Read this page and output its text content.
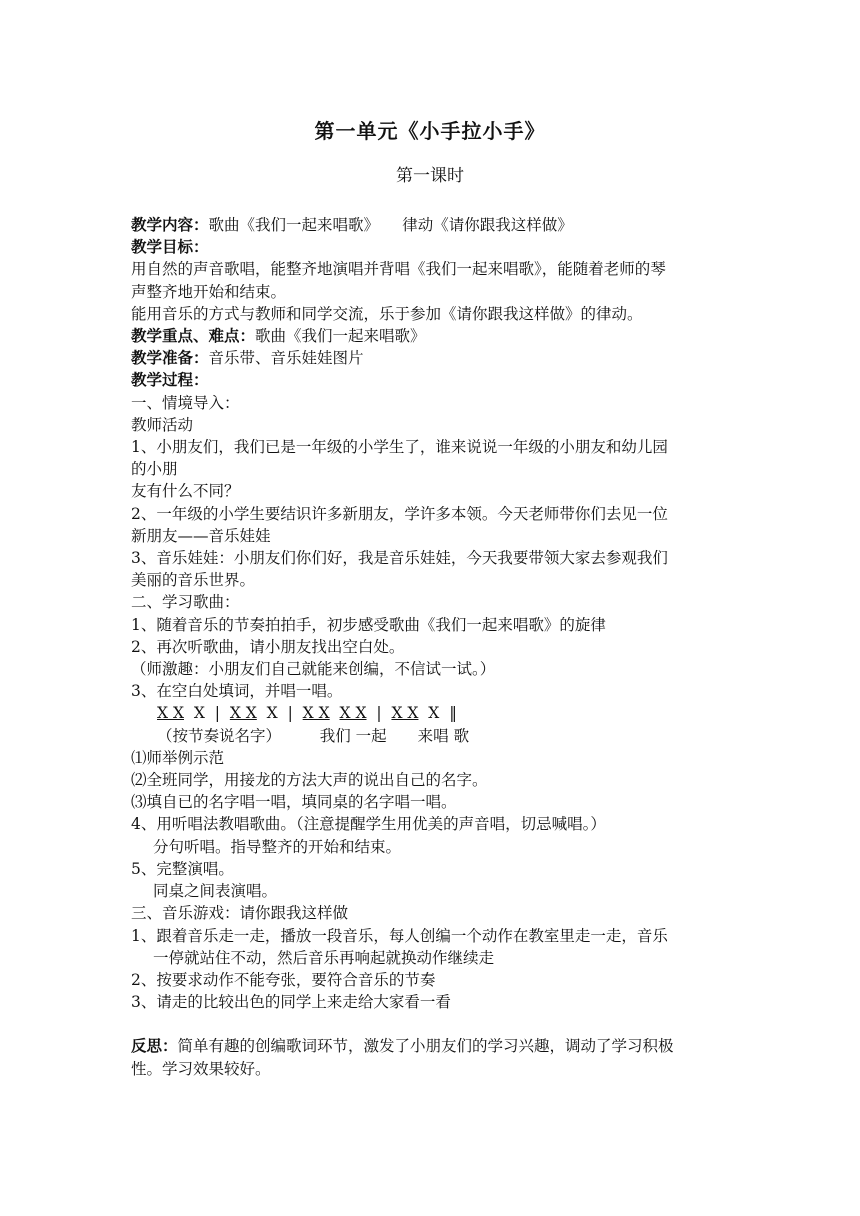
第一单元《小手拉小手》
第一课时
教学内容：歌曲《我们一起来唱歌》　　律动《请你跟我这样做》
教学目标：
用自然的声音歌唱，能整齐地演唱并背唱《我们一起来唱歌》，能随着老师的琴
声整齐地开始和结束。
能用音乐的方式与教师和同学交流，乐于参加《请你跟我这样做》的律动。
教学重点、难点：歌曲《我们一起来唱歌》
教学准备：音乐带、音乐娃娃图片
教学过程：
一、情境导入：
教师活动
1、小朋友们，我们已是一年级的小学生了，谁来说说一年级的小朋友和幼儿园
的小朋
友有什么不同？
2、一年级的小学生要结识许多新朋友，学许多本领。今天老师带你们去见一位
新朋友——音乐娃娃
3、音乐娃娃：小朋友们你们好，我是音乐娃娃，今天我要带领大家去参观我们
美丽的音乐世界。
二、学习歌曲：
1、随着音乐的节奏拍拍手，初步感受歌曲《我们一起来唱歌》的旋律
2、再次听歌曲，请小朋友找出空白处。
（师激趣：小朋友们自己就能来创编，不信试一试。）
3、在空白处填词，并唱一唱。
X X  X  |  X X  X  |  X X X X  |  X X  X  ‖
（按节奏说名字）　　　我们 一起　　来唱 歌
⑴师举例示范
⑵全班同学，用接龙的方法大声的说出自己的名字。
⑶填自已的名字唱一唱，填同桌的名字唱一唱。
4、用听唱法教唱歌曲。（注意提醒学生用优美的声音唱，切忌喊唱。）
分句听唱。指导整齐的开始和结束。
5、完整演唱。
同桌之间表演唱。
三、音乐游戏：请你跟我这样做
1、跟着音乐走一走，播放一段音乐，每人创编一个动作在教室里走一走，音乐
一停就站住不动，然后音乐再响起就换动作继续走
2、按要求动作不能夸张，要符合音乐的节奏
3、请走的比较出色的同学上来走给大家看一看
反思：简单有趣的创编歌词环节，激发了小朋友们的学习兴趣，调动了学习积极
性。学习效果较好。
